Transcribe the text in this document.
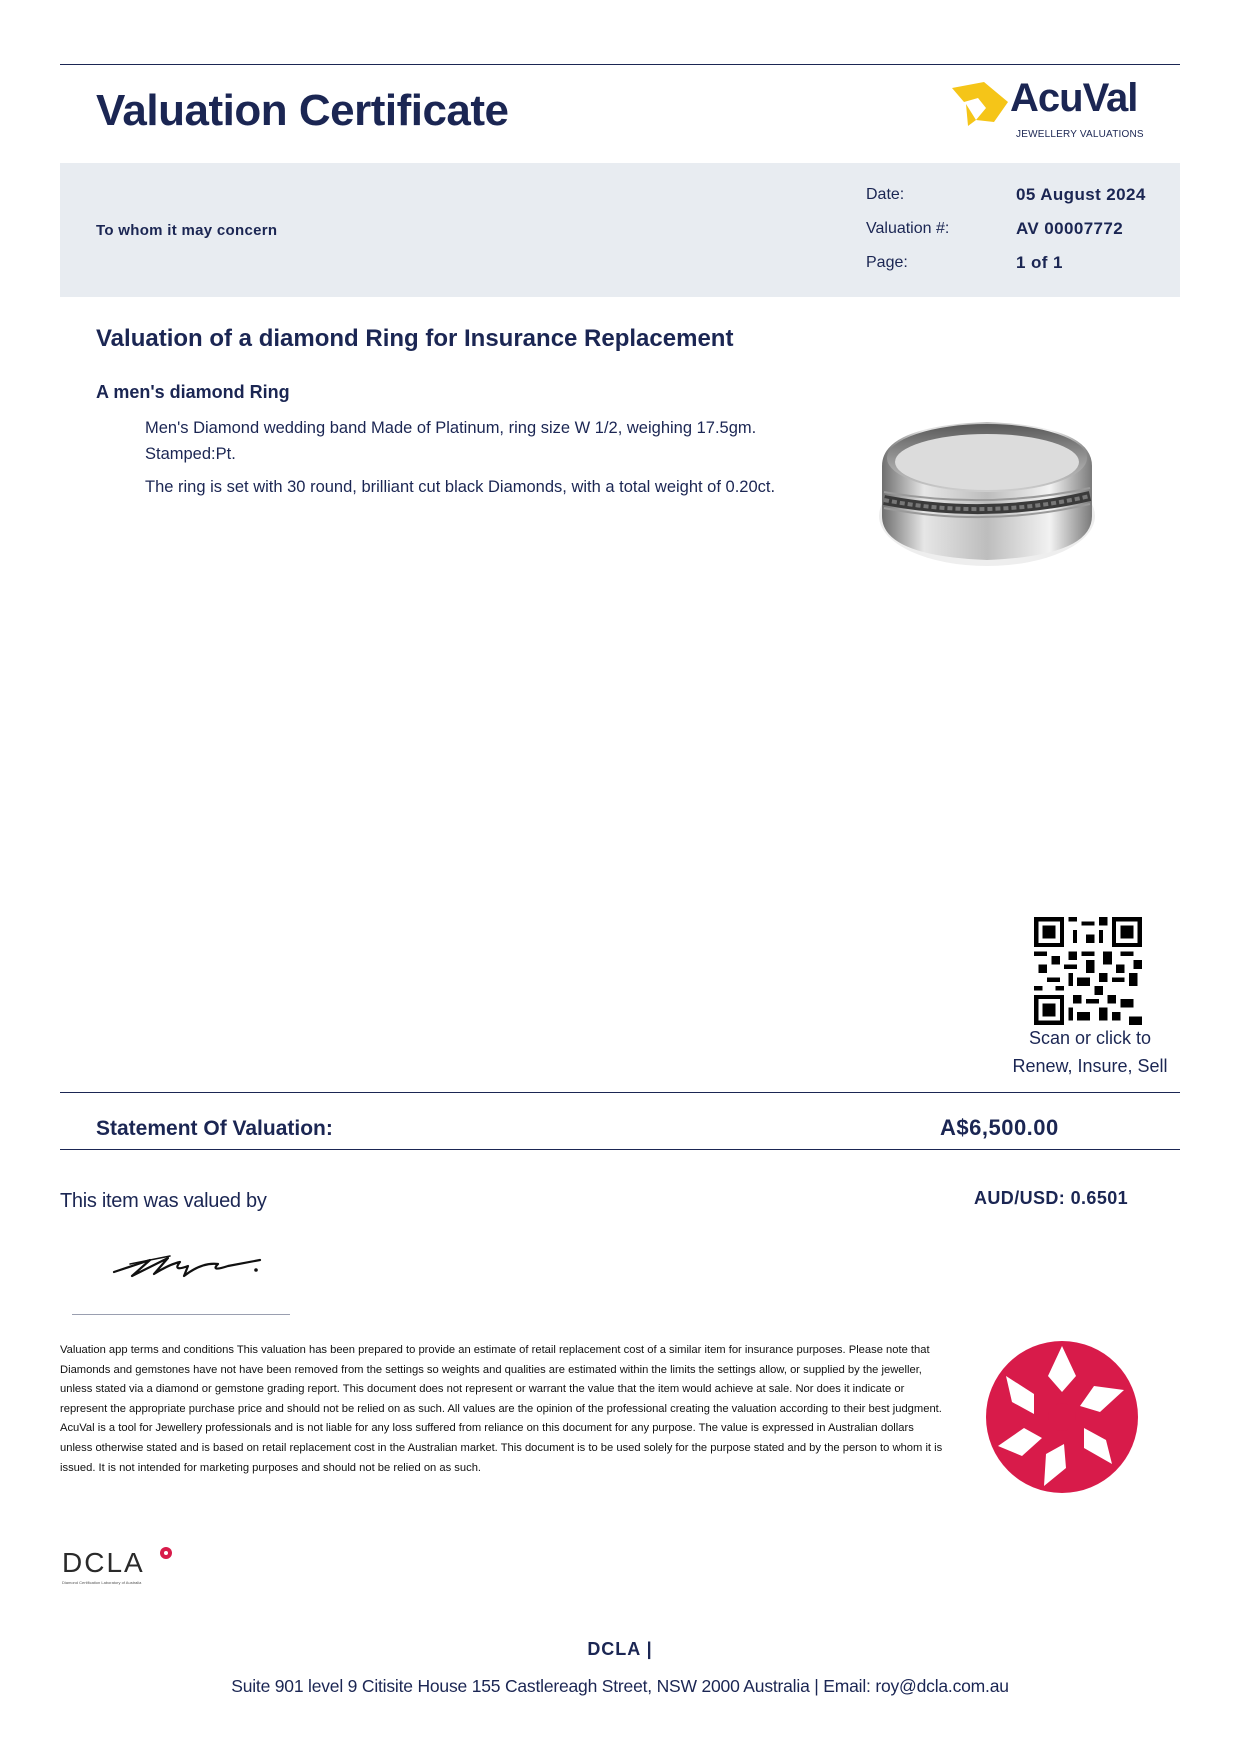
Valuation Certificate	AcuVal
JEWELLERY VALUATIONS
To whom it may concern
Date:	05 August 2024
Valuation #:	AV 00007772
Page:	1 of 1
Valuation of a diamond Ring for Insurance Replacement
A men's diamond Ring
Men's Diamond wedding band Made of Platinum, ring size W 1/2, weighing 17.5gm.
Stamped:Pt.
The ring is set with 30 round, brilliant cut black Diamonds, with a total weight of 0.20ct.
Scan or click to
Renew, Insure, Sell
Statement Of Valuation:	A$6,500.00
This item was valued by	AUD/USD: 0.6501
Valuation app terms and conditions This valuation has been prepared to provide an estimate of retail replacement cost of a similar item for insurance purposes. Please note that Diamonds and gemstones have not have been removed from the settings so weights and qualities are estimated within the limits the settings allow, or supplied by the jeweller, unless stated via a diamond or gemstone grading report. This document does not represent or warrant the value that the item would achieve at sale. Nor does it indicate or represent the appropriate purchase price and should not be relied on as such. All values are the opinion of the professional creating the valuation according to their best judgment. AcuVal is a tool for Jewellery professionals and is not liable for any loss suffered from reliance on this document for any purpose. The value is expressed in Australian dollars unless otherwise stated and is based on retail replacement cost in the Australian market. This document is to be used solely for the purpose stated and by the person to whom it is issued. It is not intended for marketing purposes and should not be relied on as such.
DCLA
Diamond Certification Laboratory of Australia
DCLA |
Suite 901 level 9 Citisite House 155 Castlereagh Street, NSW 2000 Australia | Email: roy@dcla.com.au
